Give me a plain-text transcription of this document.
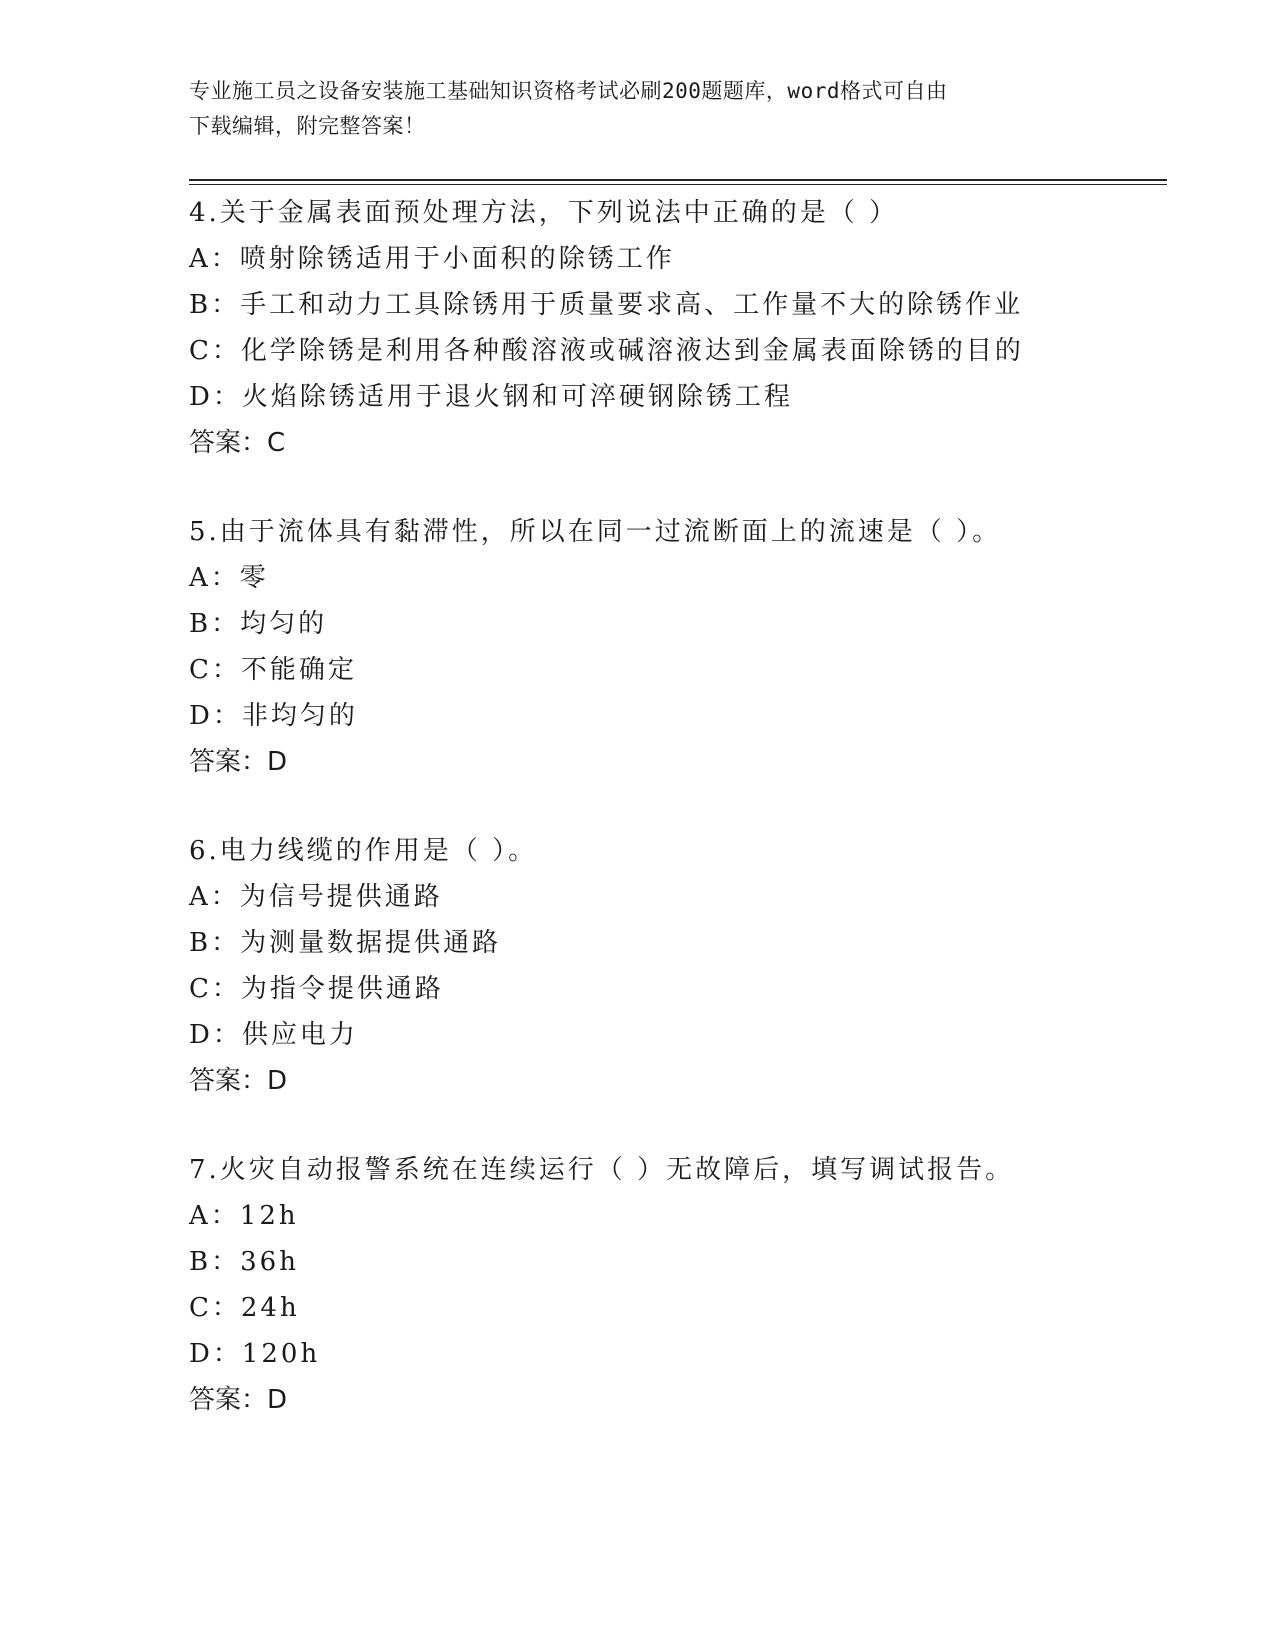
专业施工员之设备安装施工基础知识资格考试必刷200题题库，word格式可自由
下载编辑，附完整答案！
4.关于金属表面预处理方法，下列说法中正确的是（ ）
A：喷射除锈适用于小面积的除锈工作
B：手工和动力工具除锈用于质量要求高、工作量不大的除锈作业
C：化学除锈是利用各种酸溶液或碱溶液达到金属表面除锈的目的
D：火焰除锈适用于退火钢和可淬硬钢除锈工程
答案：C
5.由于流体具有黏滞性，所以在同一过流断面上的流速是（ ）。
A：零
B：均匀的
C：不能确定
D：非均匀的
答案：D
6.电力线缆的作用是（ ）。
A：为信号提供通路
B：为测量数据提供通路
C：为指令提供通路
D：供应电力
答案：D
7.火灾自动报警系统在连续运行（ ）无故障后，填写调试报告。
A：12h
B：36h
C：24h
D：120h
答案：D
